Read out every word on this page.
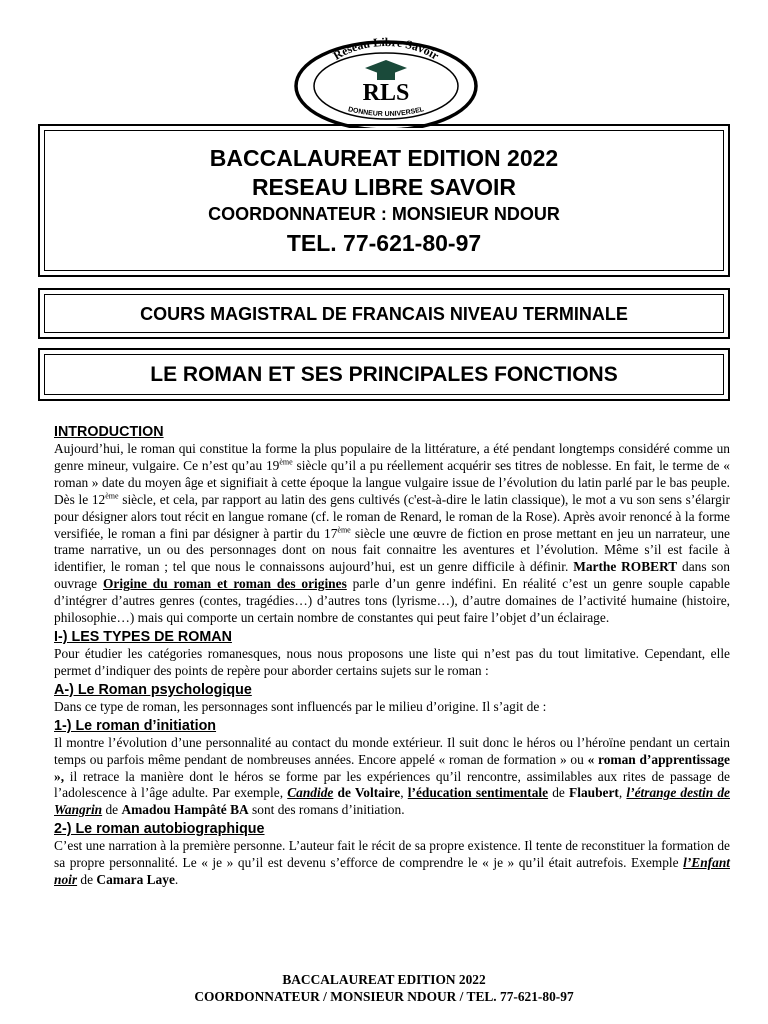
Reseau Libre Savoir
RLS
DONNEUR UNIVERSEL
BACCALAUREAT EDITION 2022
RESEAU LIBRE SAVOIR
COORDONNATEUR : MONSIEUR NDOUR
TEL. 77-621-80-97
COURS MAGISTRAL DE FRANCAIS NIVEAU TERMINALE
LE ROMAN ET SES PRINCIPALES FONCTIONS
INTRODUCTION

Aujourd’hui, le roman qui constitue la forme la plus populaire de la littérature, a été pendant longtemps considéré comme un genre mineur, vulgaire. Ce n’est qu’au 19ème siècle qu’il a pu réellement acquérir ses titres de noblesse. En fait, le terme de « roman » date du moyen âge et signifiait à cette époque la langue vulgaire issue de l’évolution du latin parlé par le bas peuple. Dès le 12ème siècle, et cela, par rapport au latin des gens cultivés (c'est-à-dire le latin classique), le mot a vu son sens s’élargir pour désigner alors tout récit en langue romane (cf. le roman de Renard, le roman de la Rose). Après avoir renoncé à la forme versifiée, le roman a fini par désigner à partir du 17ème siècle une œuvre de fiction en prose mettant en jeu un narrateur, une trame narrative, un ou des personnages dont on nous fait connaitre les aventures et l’évolution. Même s’il est facile à identifier, le roman ; tel que nous le connaissons aujourd’hui, est un genre difficile à définir. Marthe ROBERT dans son ouvrage Origine du roman et roman des origines parle d’un genre indéfini. En réalité c’est un genre souple capable d’intégrer d’autres genres (contes, tragédies…) d’autres tons (lyrisme…), d’autre domaines de l’activité humaine (histoire, philosophie…) mais qui comporte un certain nombre de constantes qui peut faire l’objet d’un éclairage.

I-) LES TYPES DE ROMAN

Pour étudier les catégories romanesques, nous nous proposons une liste qui n’est pas du tout limitative. Cependant, elle permet d’indiquer des points de repère pour aborder certains sujets sur le roman :

A-) Le Roman psychologique

Dans ce type de roman, les personnages sont influencés par le milieu d’origine. Il s’agit de :

1-) Le roman d’initiation

Il montre l’évolution d’une personnalité au contact du monde extérieur. Il suit donc le héros ou l’héroïne pendant un certain temps ou parfois même pendant de nombreuses années. Encore appelé « roman de formation » ou « roman d’apprentissage », il retrace la manière dont le héros se forme par les expériences qu’il rencontre, assimilables aux rites de passage de l’adolescence à l’âge adulte. Par exemple, Candide de Voltaire, l’éducation sentimentale de Flaubert, l’étrange destin de Wangrin de Amadou Hampâté BA sont des romans d’initiation.

2-) Le roman autobiographique

C’est une narration à la première personne. L’auteur fait le récit de sa propre existence. Il tente de reconstituer la formation de sa propre personnalité. Le « je » qu’il est devenu s’efforce de comprendre le « je » qu’il était autrefois. Exemple l’Enfant noir de Camara Laye.

BACCALAUREAT EDITION 2022
COORDONNATEUR / MONSIEUR NDOUR / TEL. 77-621-80-97
